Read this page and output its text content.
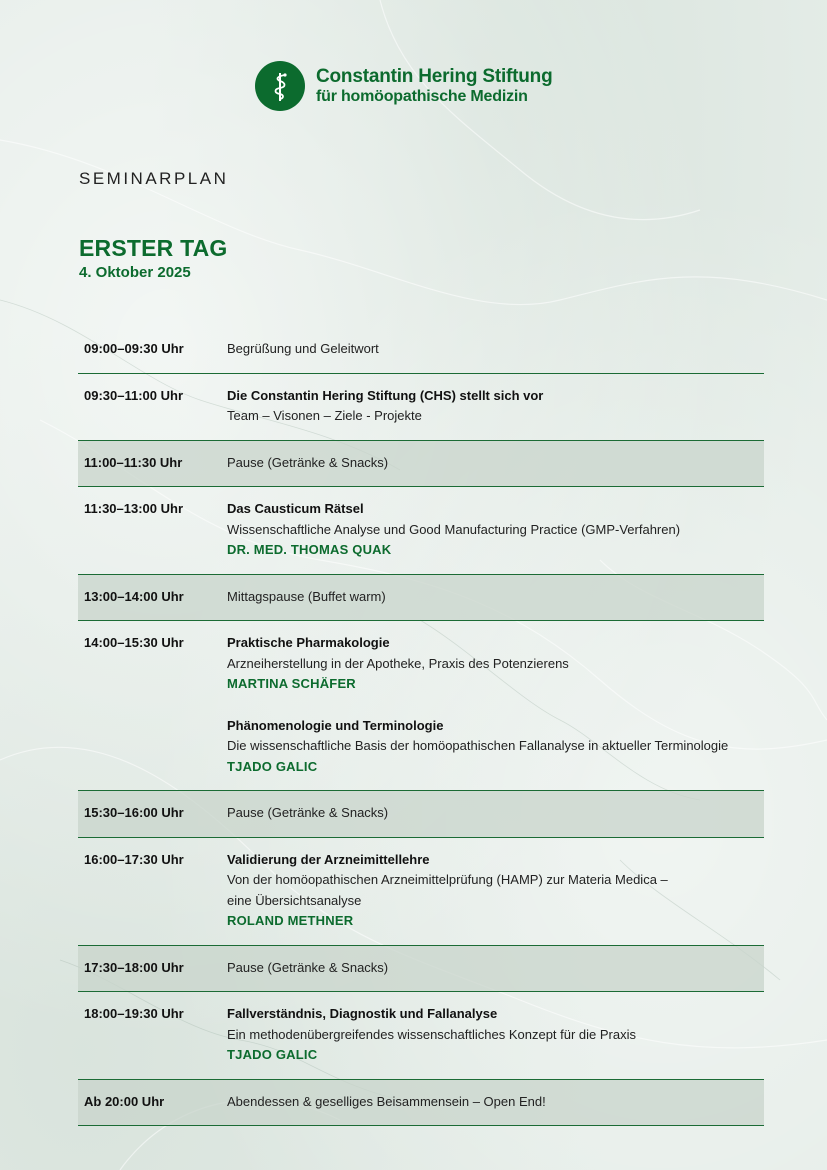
Constantin Hering Stiftung
für homöopathische Medizin
SEMINARPLAN
ERSTER TAG
4. Oktober 2025
09:00–09:30 Uhr	Begrüßung und Geleitwort
09:30–11:00 Uhr	Die Constantin Hering Stiftung (CHS) stellt sich vor
Team – Visonen – Ziele - Projekte
11:00–11:30 Uhr	Pause (Getränke & Snacks)
11:30–13:00 Uhr	Das Causticum Rätsel
Wissenschaftliche Analyse und Good Manufacturing Practice (GMP-Verfahren)
DR. MED. THOMAS QUAK
13:00–14:00 Uhr	Mittagspause (Buffet warm)
14:00–15:30 Uhr	Praktische Pharmakologie
Arzneiherstellung in der Apotheke, Praxis des Potenzierens
MARTINA SCHÄFER
Phänomenologie und Terminologie
Die wissenschaftliche Basis der homöopathischen Fallanalyse in aktueller Terminologie
TJADO GALIC
15:30–16:00 Uhr	Pause (Getränke & Snacks)
16:00–17:30 Uhr	Validierung der Arzneimittellehre
Von der homöopathischen Arzneimittelprüfung (HAMP) zur Materia Medica –
eine Übersichtsanalyse
ROLAND METHNER
17:30–18:00 Uhr	Pause (Getränke & Snacks)
18:00–19:30 Uhr	Fallverständnis, Diagnostik und Fallanalyse
Ein methodenübergreifendes wissenschaftliches Konzept für die Praxis
TJADO GALIC
Ab 20:00 Uhr	Abendessen & geselliges Beisammensein – Open End!
